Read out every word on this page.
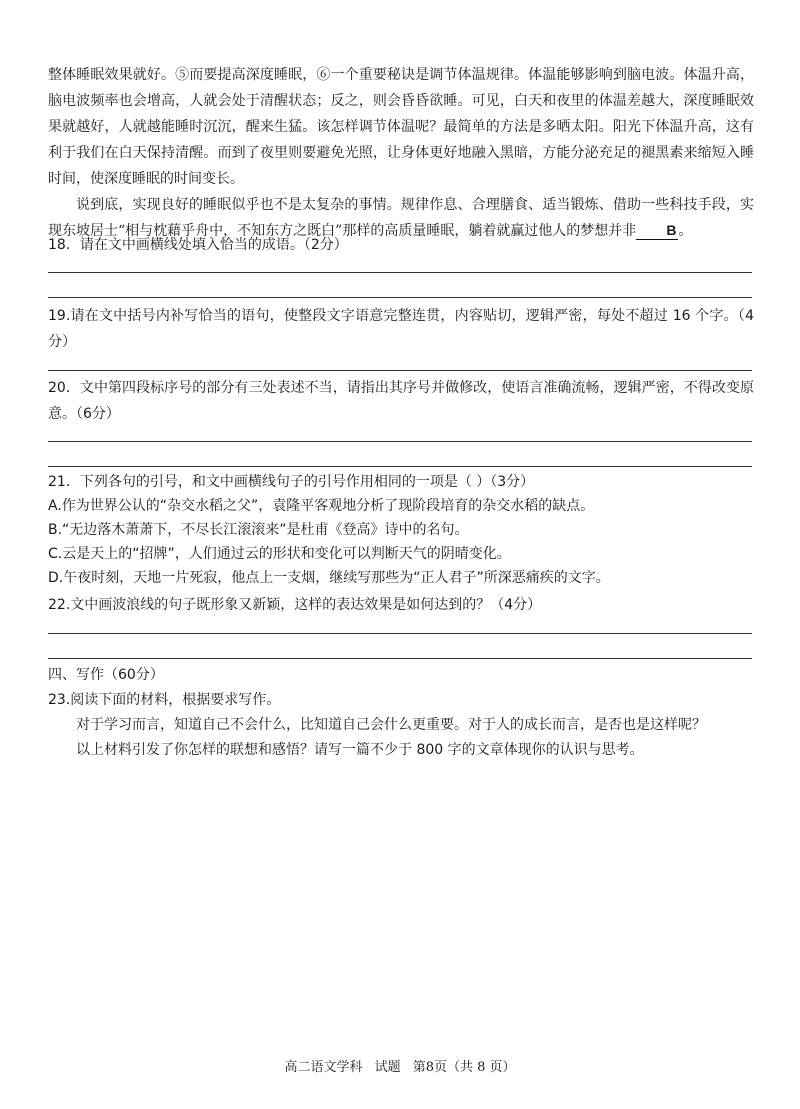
整体睡眠效果就好。⑤而要提高深度睡眠，⑥一个重要秘诀是调节体温规律。体温能够影响到脑电波。体温升高，脑电波频率也会增高，人就会处于清醒状态；反之，则会昏昏欲睡。可见，白天和夜里的体温差越大，深度睡眠效果就越好，人就越能睡时沉沉，醒来生猛。该怎样调节体温呢？最简单的方法是多晒太阳。阳光下体温升高，这有利于我们在白天保持清醒。而到了夜里则要避免光照，让身体更好地融入黑暗，方能分泌充足的褪黑素来缩短入睡时间，使深度睡眠的时间变长。

说到底，实现良好的睡眠似乎也不是太复杂的事情。规律作息、合理膳食、适当锻炼、借助一些科技手段，实现东坡居士“相与枕藉乎舟中，不知东方之既白”那样的高质量睡眠，躺着就赢过他人的梦想并非 B 。

18．请在文中画横线处填入恰当的成语。（2分）

19.请在文中括号内补写恰当的语句，使整段文字语意完整连贯，内容贴切，逻辑严密，每处不超过 16 个字。（4分）

20．文中第四段标序号的部分有三处表述不当，请指出其序号并做修改，使语言准确流畅，逻辑严密，不得改变原意。（6分）

21．下列各句的引号，和文中画横线句子的引号作用相同的一项是（ ）（3分）

A.作为世界公认的“杂交水稻之父”，袁隆平客观地分析了现阶段培育的杂交水稻的缺点。

B.“无边落木萧萧下，不尽长江滚滚来”是杜甫《登高》诗中的名句。

C.云是天上的“招牌”，人们通过云的形状和变化可以判断天气的阴晴变化。

D.午夜时刻，天地一片死寂，他点上一支烟，继续写那些为“正人君子”所深恶痛疾的文字。

22.文中画波浪线的句子既形象又新颖，这样的表达效果是如何达到的？（4分）

四、写作（60分）

23.阅读下面的材料，根据要求写作。

对于学习而言，知道自己不会什么，比知道自己会什么更重要。对于人的成长而言，是否也是这样呢？

以上材料引发了你怎样的联想和感悟？请写一篇不少于 800 字的文章体现你的认识与思考。

高二语文学科 试题 第8页（共 8 页）
